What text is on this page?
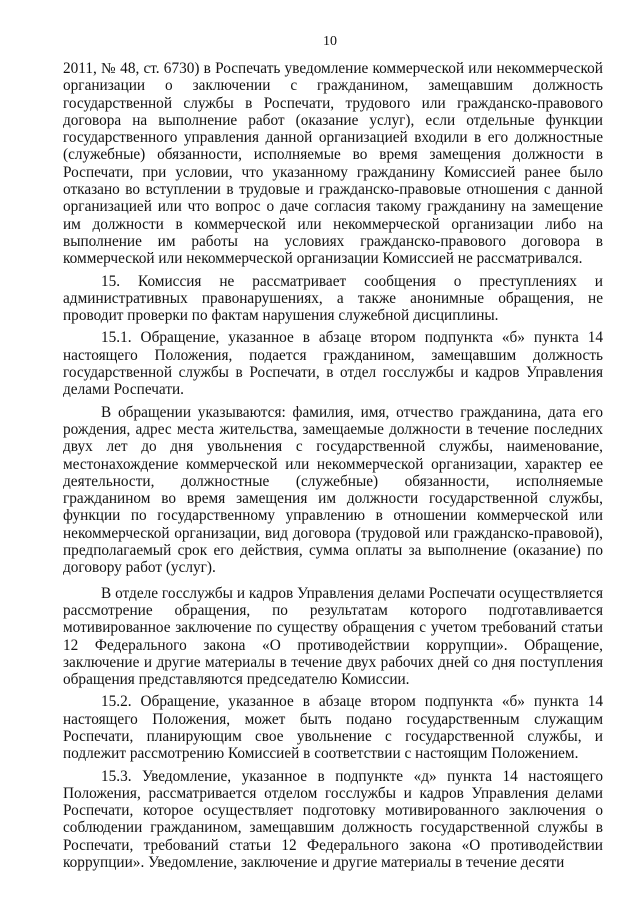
10

2011, № 48, ст. 6730) в Роспечать уведомление коммерческой или некоммерческой организации о заключении с гражданином, замещавшим должность государственной службы в Роспечати, трудового или гражданско-правового договора на выполнение работ (оказание услуг), если отдельные функции государственного управления данной организацией входили в его должностные (служебные) обязанности, исполняемые во время замещения должности в Роспечати, при условии, что указанному гражданину Комиссией ранее было отказано во вступлении в трудовые и гражданско-правовые отношения с данной организацией или что вопрос о даче согласия такому гражданину на замещение им должности в коммерческой или некоммерческой организации либо на выполнение им работы на условиях гражданско-правового договора в коммерческой или некоммерческой организации Комиссией не рассматривался.

15. Комиссия не рассматривает сообщения о преступлениях и административных правонарушениях, а также анонимные обращения, не проводит проверки по фактам нарушения служебной дисциплины.

15.1. Обращение, указанное в абзаце втором подпункта «б» пункта 14 настоящего Положения, подается гражданином, замещавшим должность государственной службы в Роспечати, в отдел госслужбы и кадров Управления делами Роспечати.

В обращении указываются: фамилия, имя, отчество гражданина, дата его рождения, адрес места жительства, замещаемые должности в течение последних двух лет до дня увольнения с государственной службы, наименование, местонахождение коммерческой или некоммерческой организации, характер ее деятельности, должностные (служебные) обязанности, исполняемые гражданином во время замещения им должности государственной службы, функции по государственному управлению в отношении коммерческой или некоммерческой организации, вид договора (трудовой или гражданско-правовой), предполагаемый срок его действия, сумма оплаты за выполнение (оказание) по договору работ (услуг).

В отделе госслужбы и кадров Управления делами Роспечати осуществляется рассмотрение обращения, по результатам которого подготавливается мотивированное заключение по существу обращения с учетом требований статьи 12 Федерального закона «О противодействии коррупции». Обращение, заключение и другие материалы в течение двух рабочих дней со дня поступления обращения представляются председателю Комиссии.

15.2. Обращение, указанное в абзаце втором подпункта «б» пункта 14 настоящего Положения, может быть подано государственным служащим Роспечати, планирующим свое увольнение с государственной службы, и подлежит рассмотрению Комиссией в соответствии с настоящим Положением.

15.3. Уведомление, указанное в подпункте «д» пункта 14 настоящего Положения, рассматривается отделом госслужбы и кадров Управления делами Роспечати, которое осуществляет подготовку мотивированного заключения о соблюдении гражданином, замещавшим должность государственной службы в Роспечати, требований статьи 12 Федерального закона «О противодействии коррупции». Уведомление, заключение и другие материалы в течение десяти
